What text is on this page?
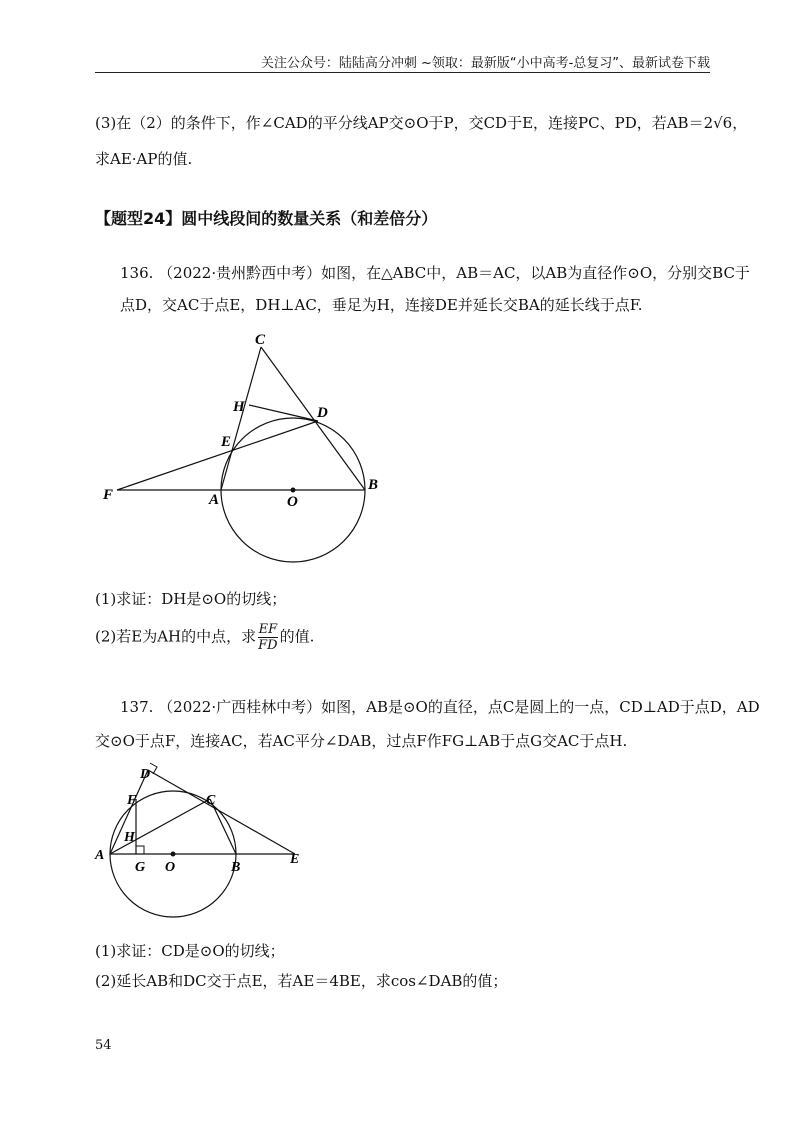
关注公众号：陆陆高分冲刺 ~领取：最新版“小中高考-总复习”、最新试卷下载
(3)在（2）的条件下，作∠CAD的平分线AP交⊙O于P，交CD于E，连接PC、PD，若AB＝2√6，
求AE·AP的值.
【题型24】圆中线段间的数量关系（和差倍分）
136. （2022·贵州黔西中考）如图，在△ABC中，AB＝AC，以AB为直径作⊙O，分别交BC于
点D，交AC于点E，DH⊥AC，垂足为H，连接DE并延长交BA的延长线于点F.
C
H	D
E
F	A	O
B
(1)求证：DH是⊙O的切线；
(2)若E为AH的中点，求 $\frac{EF}{FD}$ 的值.
137. （2022·广西桂林中考）如图，AB是⊙O的直径，点C是圆上的一点，CD⊥AD于点D，AD
交⊙O于点F，连接AC，若AC平分∠DAB，过点F作FG⊥AB于点G交AC于点H.
D
F	C
H
A
G O	B
E
(1)求证：CD是⊙O的切线；
(2)延长AB和DC交于点E，若AE＝4BE，求cos∠DAB的值；
54
